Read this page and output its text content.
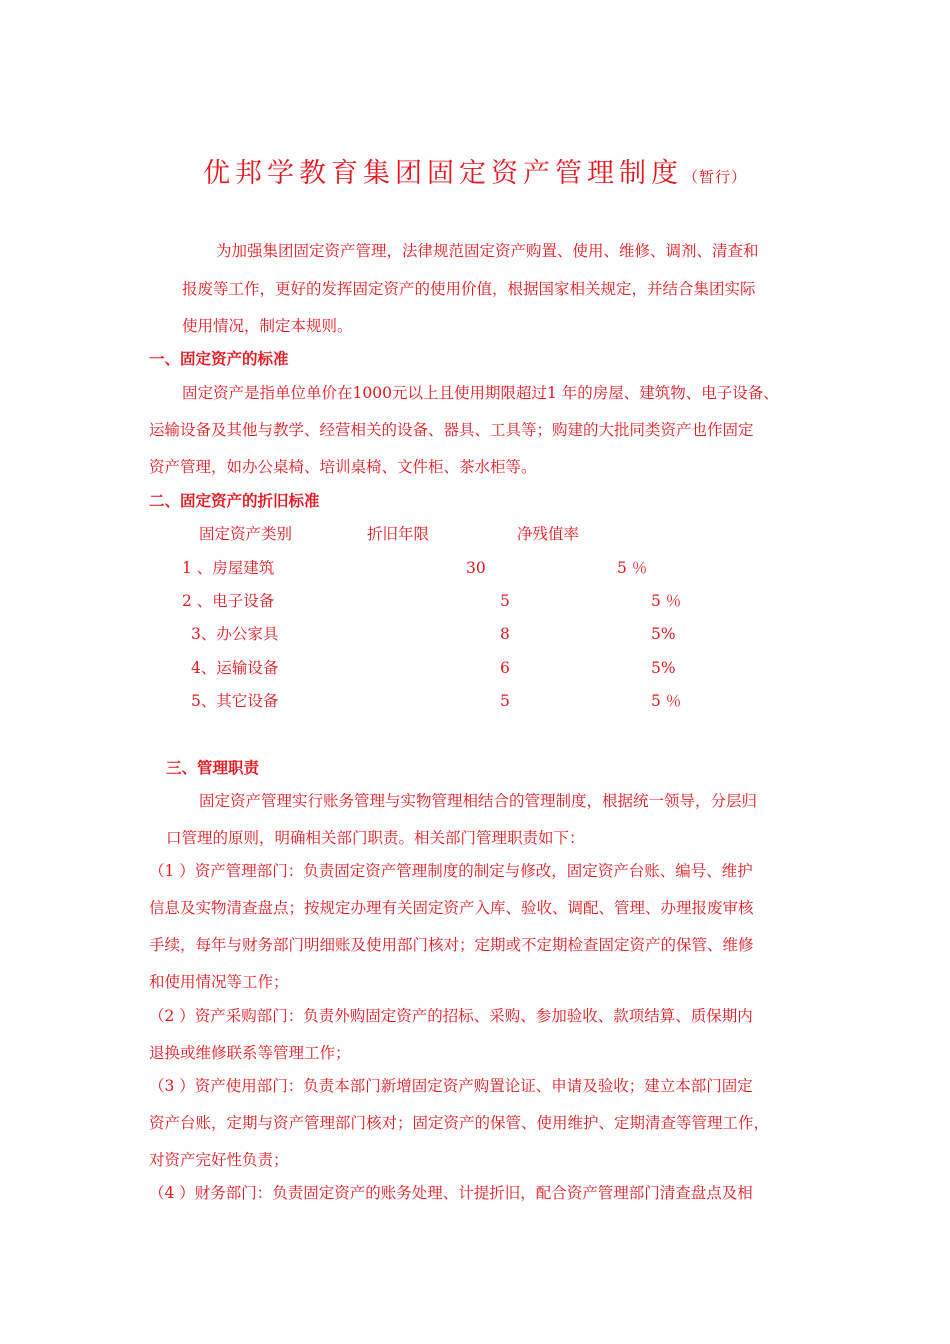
优邦学教育集团固定资产管理制度（暂行）
为加强集团固定资产管理，法律规范固定资产购置、使用、维修、调剂、清查和
报废等工作，更好的发挥固定资产的使用价值，根据国家相关规定，并结合集团实际
使用情况，制定本规则。
一、固定资产的标准
固定资产是指单位单价在1000元以上且使用期限超过1 年的房屋、建筑物、电子设备、
运输设备及其他与教学、经营相关的设备、器具、工具等；购建的大批同类资产也作固定
资产管理，如办公桌椅、培训桌椅、文件柜、茶水柜等。
二、固定资产的折旧标准
固定资产类别	折旧年限	净残值率
1 、房屋建筑	30	5 ％
2 、电子设备	5	5 ％
3、办公家具	8	5%
4、运输设备	6	5%
5、其它设备	5	5 ％
三、管理职责
固定资产管理实行账务管理与实物管理相结合的管理制度，根据统一领导，分层归
口管理的原则，明确相关部门职责。相关部门管理职责如下：
（1 ）资产管理部门：负责固定资产管理制度的制定与修改，固定资产台账、编号、维护
信息及实物清查盘点；按规定办理有关固定资产入库、验收、调配、管理、办理报废审核
手续，每年与财务部门明细账及使用部门核对；定期或不定期检查固定资产的保管、维修
和使用情况等工作；
（2 ）资产采购部门：负责外购固定资产的招标、采购、参加验收、款项结算、质保期内
退换或维修联系等管理工作；
（3 ）资产使用部门：负责本部门新增固定资产购置论证、申请及验收；建立本部门固定
资产台账，定期与资产管理部门核对；固定资产的保管、使用维护、定期清查等管理工作，
对资产完好性负责；
（4 ）财务部门：负责固定资产的账务处理、计提折旧，配合资产管理部门清查盘点及相
